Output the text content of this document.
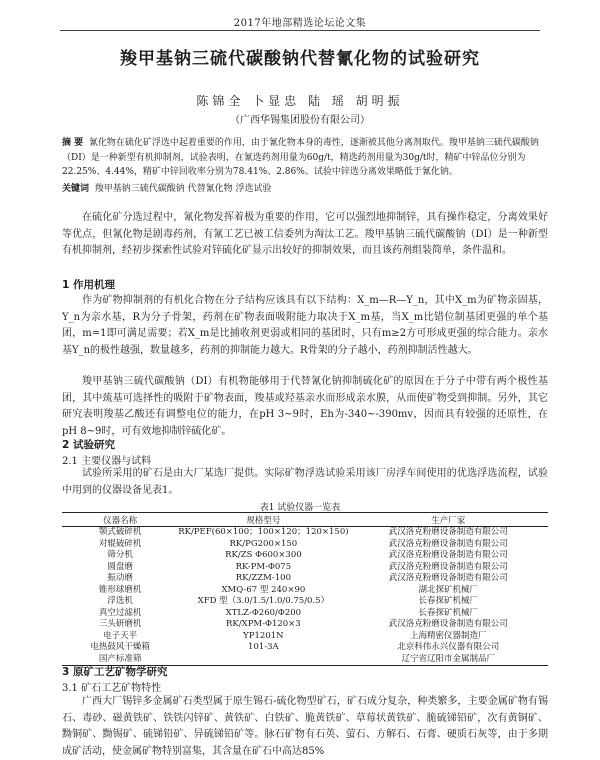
2017年地部精选论坛论文集
羧甲基钠三硫代碳酸钠代替氰化物的试验研究
陈锦全 卜显忠 陆 瑶 胡明振
（广西华锡集团股份有限公司）
摘 要 氰化物在硫化矿浮选中起着重要的作用，由于氰化物本身的毒性，逐渐被其他分离剂取代。羧甲基钠三硫代碳酸钠（DI）是一种新型有机抑制剂，试验表明，在氰选药剂用量为60g/t，精选药剂用量为30g/t时，精矿中锌品位分别为22.25%、4.44%，精矿中锌回收率分别为78.41%、2.86%。试验中锌选分离效果略低于氰化钠。
关键词 羧甲基钠三硫代碳酸钠 代替氰化物 浮选试验
在硫化矿分选过程中，氰化物发挥着极为重要的作用，它可以强烈地抑制锌，具有操作稳定，分离效果好等优点，但氰化物是剧毒药剂，有氰工艺已被工信委列为淘汰工艺。羧甲基钠三硫代碳酸钠（DI）是一种新型有机抑制剂，经初步探索性试验对锌硫化矿显示出较好的抑制效果，而且该药剂组装简单，条件温和。
1 作用机理
作为矿物抑制剂的有机化合物在分子结构应该具有以下结构：X_m—R—Y_n，其中X_m为矿物亲固基，Y_n为亲水基，R为分子骨架，药剂在矿物表面吸附能力取决于X_m基，当X_m比错位制基团更强的单个基团，m=1即可满足需要；若X_m是比捕收剂更弱或相同的基团时，只有m≥2方可形成更强的综合能力。亲水基Y_n的极性越强，数量越多，药剂的抑制能力越大。R骨架的分子越小，药剂抑制活性越大。
羧甲基钠三硫代碳酸钠（DI）有机物能够用于代替氰化钠抑制硫化矿的原因在于分子中带有两个极性基团，其中巯基可选择性的吸附于矿物表面，羧基或羟基亲水而形成亲水膜，从而使矿物受到抑制。另外，其它研究表明羧基乙酸还有调整电位的能力，在pH 3~9时，Eh为-340~-390mv，因而具有较强的还原性，在pH 8~9时，可有效地抑制锌硫化矿。
2 试验研究
2.1 主要仪器与试料
试验所采用的矿石是由大厂某选厂提供。实际矿物浮选试验采用该厂房浮车间使用的优选浮选流程，试验中用到的仪器设备见表1。
表1 试验仪器一览表
仪器名称	规格型号	生产厂家
颚式破碎机	RK/PEF(60×100；100×120；120×150)	武汉洛克粉磨设备制造有限公司
对辊破碎机	RK/PG200×150	武汉洛克粉磨设备制造有限公司
筛分机	RK/ZS Φ600×300	武汉洛克粉磨设备制造有限公司
圆盘磨	RK-PM-Φ075	武汉洛克粉磨设备制造有限公司
振动磨	RK/ZZM-100	武汉洛克粉磨设备制造有限公司
锥形球磨机	XMQ-67 型 240×90	湖北探矿机械厂
浮选机	XFD 型（3.0/1.5/1.0/0.75/0.5）	长春探矿机械厂
真空过滤机	XTLZ-Φ260/Φ200	长春探矿机械厂
三头研磨机	RK/XPM-Φ120×3	武汉洛克粉磨设备制造有限公司
电子天平	YP1201N	上海精密仪器制造厂
电热鼓风干燥箱	101-3A	北京科伟永兴仪器有限公司
国产标准筛		辽宁省辽阳市金属制品厂
3 原矿工艺矿物学研究
3.1 矿石工艺矿物特性
广西大厂锡锌多金属矿石类型属于原生锡石-硫化物型矿石，矿石成分复杂，种类繁多，主要金属矿物有锡石、毒砂、磁黄铁矿、铁铁闪锌矿、黄铁矿、白铁矿、脆黄铁矿、草莓状黄铁矿、脆硫锑铅矿，次有黄铜矿、黝铜矿、黝锡矿、硫锑铅矿、异硫锑铅矿等。脉石矿物有石英、萤石、方解石、石膏、硬质石灰等，由于多期成矿活动，使金属矿物特别富集，其含量在矿石中高达85%
